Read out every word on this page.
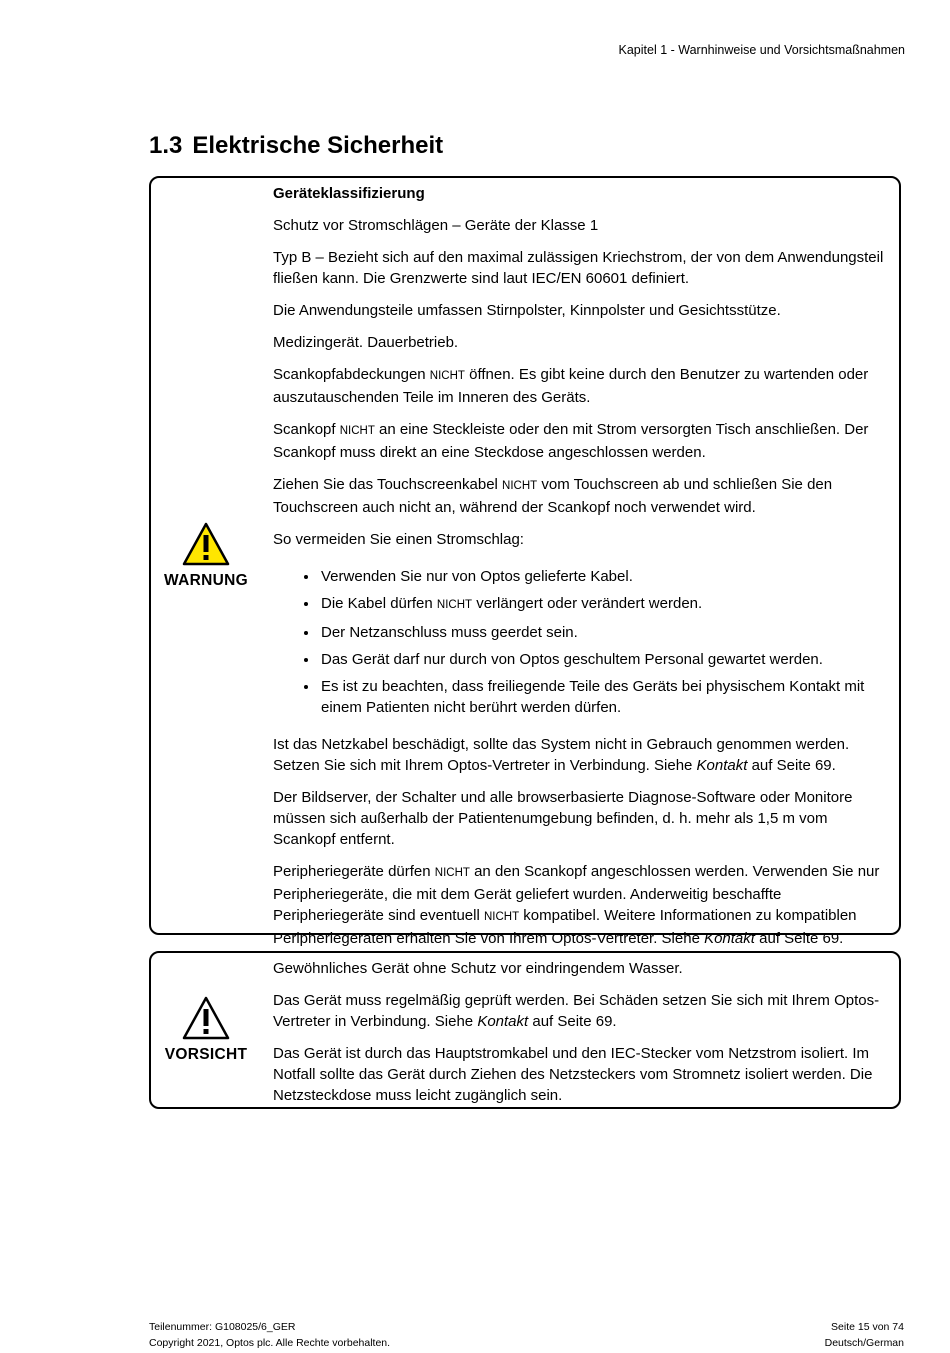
Kapitel 1 - Warnhinweise und Vorsichtsmaßnahmen
1.3 Elektrische Sicherheit
WARNUNG
Geräteklassifizierung

Schutz vor Stromschlägen – Geräte der Klasse 1

Typ B – Bezieht sich auf den maximal zulässigen Kriechstrom, der von dem Anwendungsteil fließen kann. Die Grenzwerte sind laut IEC/EN 60601 definiert.

Die Anwendungsteile umfassen Stirnpolster, Kinnpolster und Gesichtsstütze.

Medizingerät. Dauerbetrieb.

Scankopfabdeckungen NICHT öffnen. Es gibt keine durch den Benutzer zu wartenden oder auszutauschenden Teile im Inneren des Geräts.

Scankopf NICHT an eine Steckleiste oder den mit Strom versorgten Tisch anschließen. Der Scankopf muss direkt an eine Steckdose angeschlossen werden.

Ziehen Sie das Touchscreenkabel NICHT vom Touchscreen ab und schließen Sie den Touchscreen auch nicht an, während der Scankopf noch verwendet wird.

So vermeiden Sie einen Stromschlag:

Verwenden Sie nur von Optos gelieferte Kabel.
Die Kabel dürfen NICHT verlängert oder verändert werden.
Der Netzanschluss muss geerdet sein.
Das Gerät darf nur durch von Optos geschultem Personal gewartet werden.
Es ist zu beachten, dass freiliegende Teile des Geräts bei physischem Kontakt mit einem Patienten nicht berührt werden dürfen.

Ist das Netzkabel beschädigt, sollte das System nicht in Gebrauch genommen werden. Setzen Sie sich mit Ihrem Optos-Vertreter in Verbindung. Siehe Kontakt auf Seite 69.

Der Bildserver, der Schalter und alle browserbasierte Diagnose-Software oder Monitore müssen sich außerhalb der Patientenumgebung befinden, d. h. mehr als 1,5 m vom Scankopf entfernt.

Peripheriegeräte dürfen NICHT an den Scankopf angeschlossen werden. Verwenden Sie nur Peripheriegeräte, die mit dem Gerät geliefert wurden. Anderweitig beschaffte Peripheriegeräte sind eventuell NICHT kompatibel. Weitere Informationen zu kompatiblen Peripheriegeräten erhalten Sie von Ihrem Optos-Vertreter. Siehe Kontakt auf Seite 69.

VORSICHT

Gewöhnliches Gerät ohne Schutz vor eindringendem Wasser.

Das Gerät muss regelmäßig geprüft werden. Bei Schäden setzen Sie sich mit Ihrem Optos-Vertreter in Verbindung. Siehe Kontakt auf Seite 69.

Das Gerät ist durch das Hauptstromkabel und den IEC-Stecker vom Netzstrom isoliert. Im Notfall sollte das Gerät durch Ziehen des Netzsteckers vom Stromnetz isoliert werden. Die Netzsteckdose muss leicht zugänglich sein.

Teilenummer: G108025/6_GER
Copyright 2021, Optos plc. Alle Rechte vorbehalten.
Seite 15 von 74
Deutsch/German
